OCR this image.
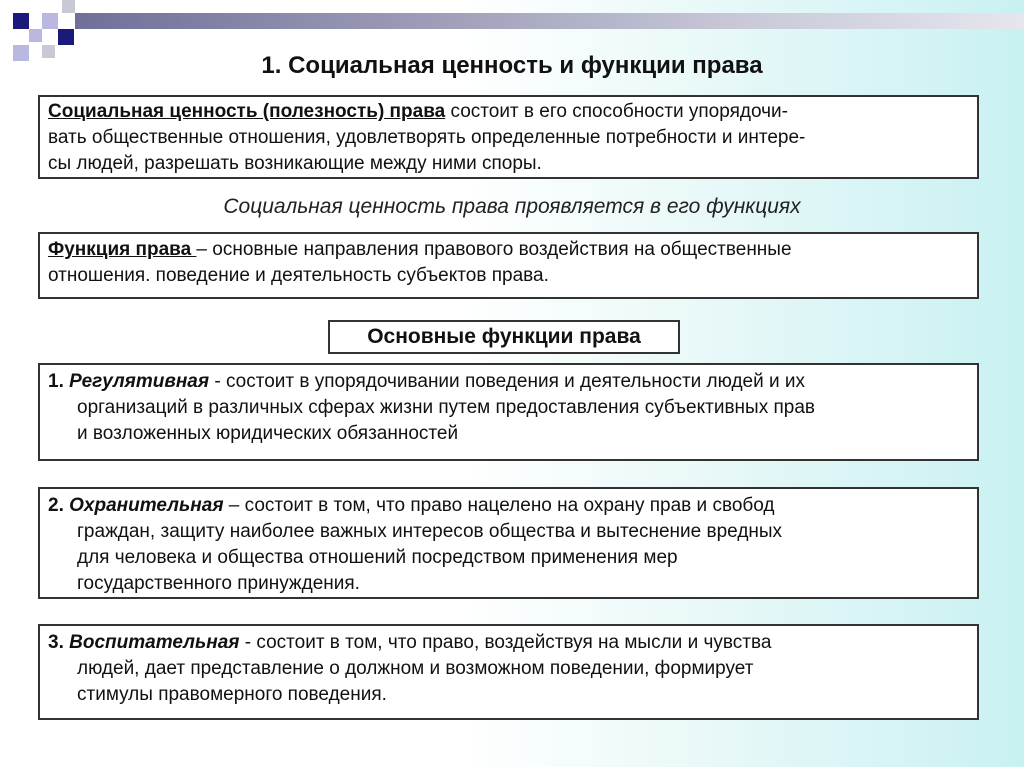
1. Социальная ценность и функции права
Социальная ценность (полезность) права состоит в его способности упорядочи-
вать общественные отношения, удовлетворять определенные потребности и интере-
сы людей, разрешать возникающие между ними споры.
Социальная ценность права проявляется в его функциях
Функция права – основные направления правового воздействия на общественные
отношения. поведение и деятельность субъектов права.
Основные функции права
1. Регулятивная - состоит в упорядочивании поведения и деятельности людей и их
организаций в различных сферах жизни путем предоставления субъективных прав
и возложенных юридических обязанностей
2. Охранительная – состоит в том, что право нацелено на охрану прав и свобод
граждан, защиту наиболее важных интересов общества и вытеснение вредных
для человека и общества отношений посредством применения мер
государственного принуждения.
3. Воспитательная - состоит в том, что право, воздействуя на мысли и чувства
людей, дает представление о должном и возможном поведении, формирует
стимулы правомерного поведения.
